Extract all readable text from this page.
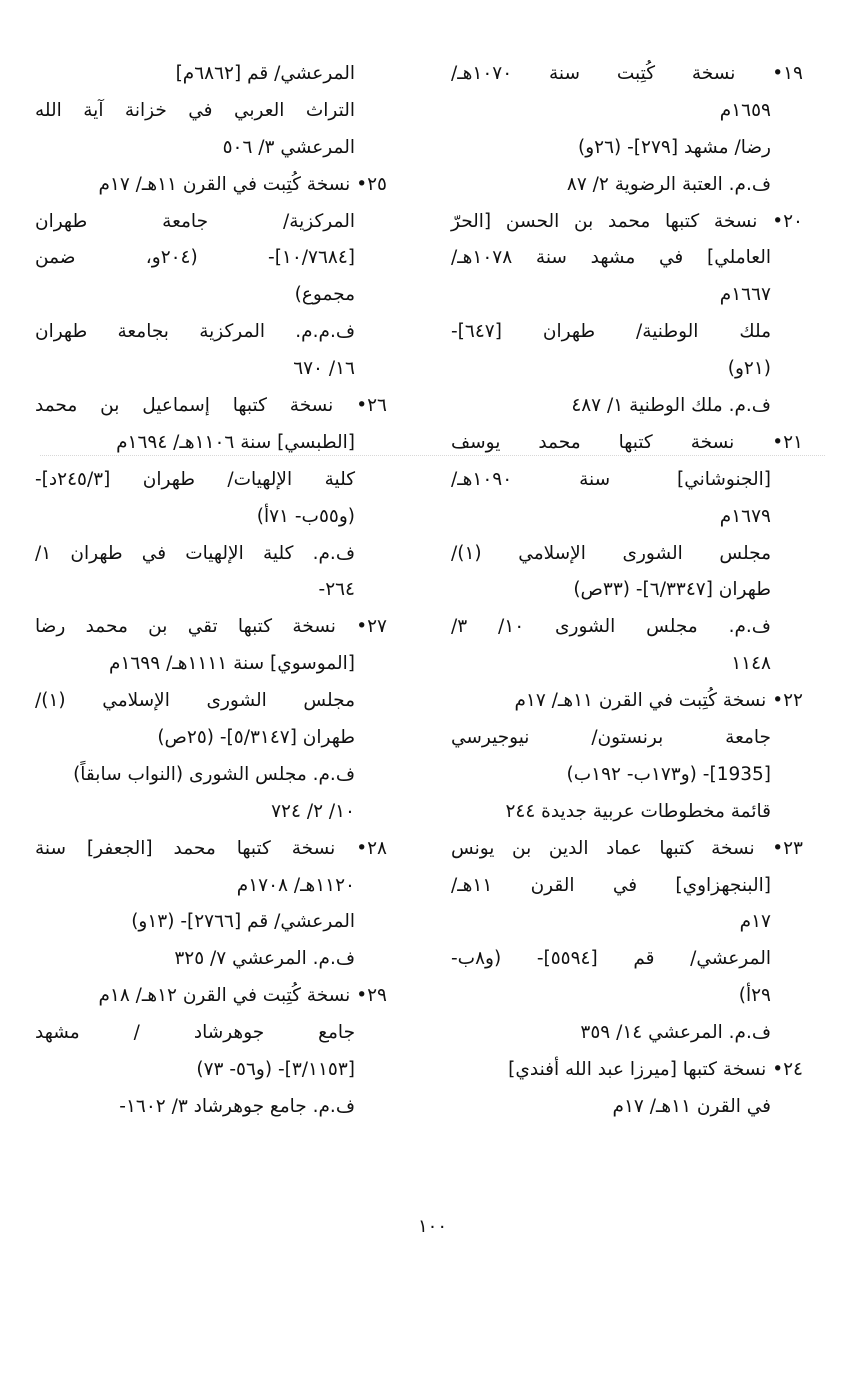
١٩• نسخة كُتِبت سنة ١٠٧٠هـ/
١٦٥٩م
رضا/ مشهد [٢٧٩]- (٢٦و)
ف.م. العتبة الرضوية ٢/ ٨٧
٢٠• نسخة كتبها محمد بن الحسن [الحرّ
العاملي] في مشهد سنة ١٠٧٨هـ/
١٦٦٧م
ملك الوطنية/ طهران [٦٤٧]-
(٢١و)
ف.م. ملك الوطنية ١/ ٤٨٧
٢١• نسخة كتبها محمد يوسف
[الجنوشاني] سنة ١٠٩٠هـ/
١٦٧٩م
مجلس الشورى الإسلامي (١)/
طهران [٦/٣٣٤٧]- (٣٣ص)
ف.م. مجلس الشورى ١٠/ ٣/
١١٤٨
٢٢• نسخة كُتِبت في القرن ١١هـ/ ١٧م
جامعة برنستون/ نيوجيرسي
[1935]- (و١٧٣ب- ١٩٢ب)
قائمة مخطوطات عربية جديدة ٢٤٤
٢٣• نسخة كتبها عماد الدين بن يونس
[البنجهزاوي] في القرن ١١هـ/
١٧م
المرعشي/ قم [٥٥٩٤]- (و٨ب-
٢٩أ)
ف.م. المرعشي ١٤/ ٣٥٩
٢٤• نسخة كتبها [ميرزا عبد الله أفندي]
في القرن ١١هـ/ ١٧م
المرعشي/ قم [٦٨٦٢م]
التراث العربي في خزانة آية الله
المرعشي ٣/ ٥٠٦
٢٥• نسخة كُتِبت في القرن ١١هـ/ ١٧م
المركزية/ جامعة طهران
[١٠/٧٦٨٤]- (٢٠٤و، ضمن
مجموع)
ف.م.م. المركزية بجامعة طهران
١٦/ ٦٧٠
٢٦• نسخة كتبها إسماعيل بن محمد
[الطبسي] سنة ١١٠٦هـ/ ١٦٩٤م
كلية الإلهيات/ طهران [٢٤٥/٣د]-
(و٥٥ب- ٧١أ)
ف.م. كلية الإلهيات في طهران ١/
٢٦٤-
٢٧• نسخة كتبها تقي بن محمد رضا
[الموسوي] سنة ١١١١هـ/ ١٦٩٩م
مجلس الشورى الإسلامي (١)/
طهران [٥/٣١٤٧]- (٢٥ص)
ف.م. مجلس الشورى (النواب سابقاً)
١٠/ ٢/ ٧٢٤
٢٨• نسخة كتبها محمد [الجعفر] سنة
١١٢٠هـ/ ١٧٠٨م
المرعشي/ قم [٢٧٦٦]- (١٣و)
ف.م. المرعشي ٧/ ٣٢٥
٢٩• نسخة كُتِبت في القرن ١٢هـ/ ١٨م
جامع جوهرشاد / مشهد
[٣/١١٥٣]- (و٥٦- ٧٣)
ف.م. جامع جوهرشاد ٣/ ١٦٠٢-
١٠٠
